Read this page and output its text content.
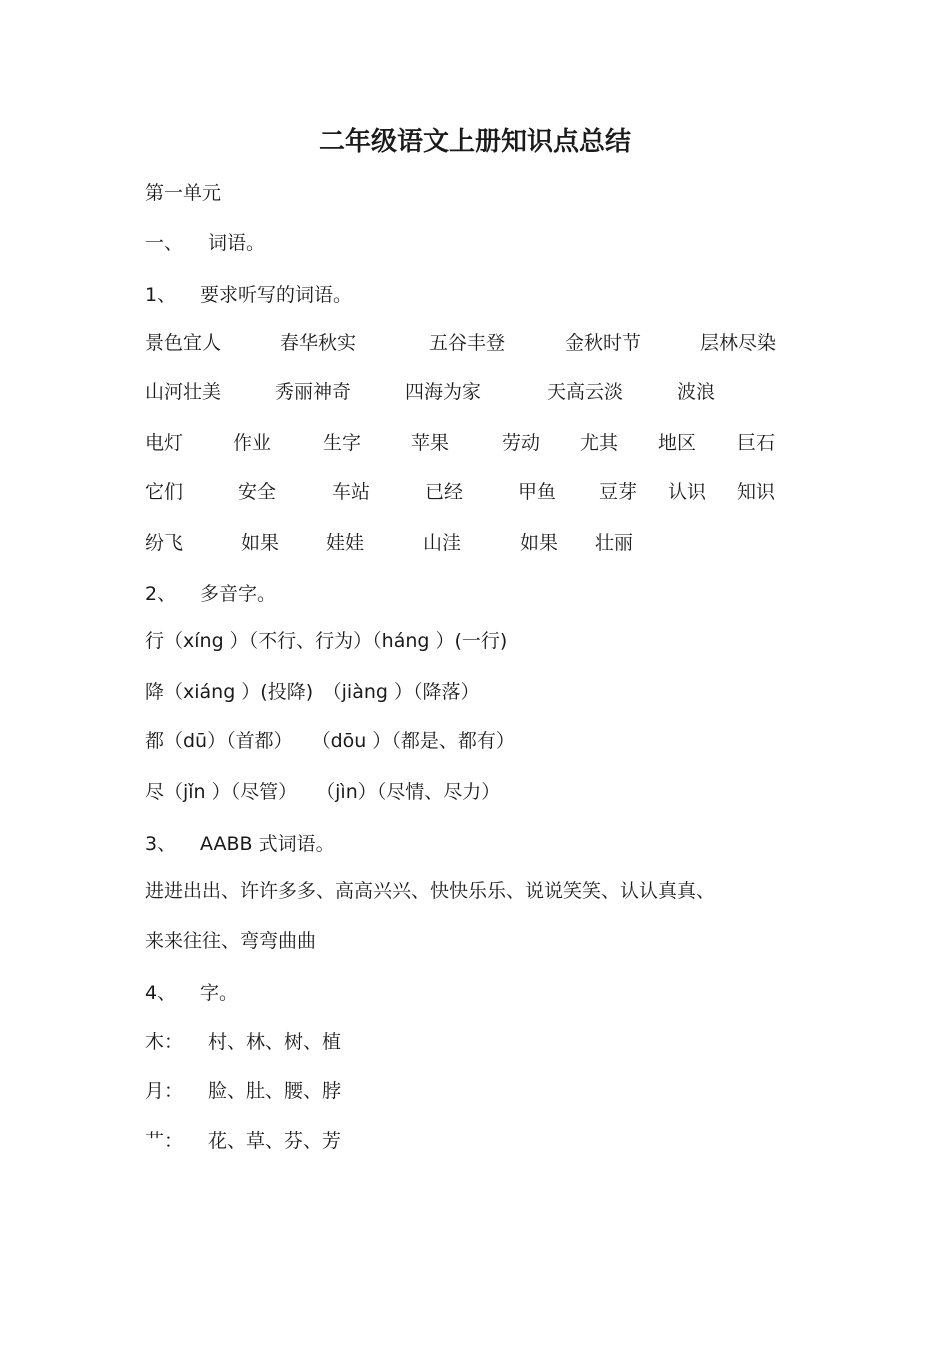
二年级语文上册知识点总结
第一单元
一、 词语。
1、 要求听写的词语。
景色宜人	春华秋实	五谷丰登	金秋时节	层林尽染
山河壮美	秀丽神奇	四海为家	天高云淡	波浪
电灯	作业	生字	苹果	劳动 尤其 地区 巨石
它们	安全	车站	已经	甲鱼 豆芽 认识 知识
纷飞	如果 娃娃	山洼	如果 壮丽
2、 多音字。
行（xíng ）（不行、行为）（háng ）(一行)
降（xiáng ）(投降)　（jiàng ）（降落）
都（dū）（首都）　　（dōu ）（都是、都有）
尽（jǐn ）（尽管）　　（jìn）（尽情、尽力）
3、 AABB 式词语。
进进出出、许许多多、高高兴兴、快快乐乐、说说笑笑、认认真真、
来来往往、弯弯曲曲
4、 字。
木： 村、林、树、植
月： 脸、肚、腰、脖
艹： 花、草、芬、芳
